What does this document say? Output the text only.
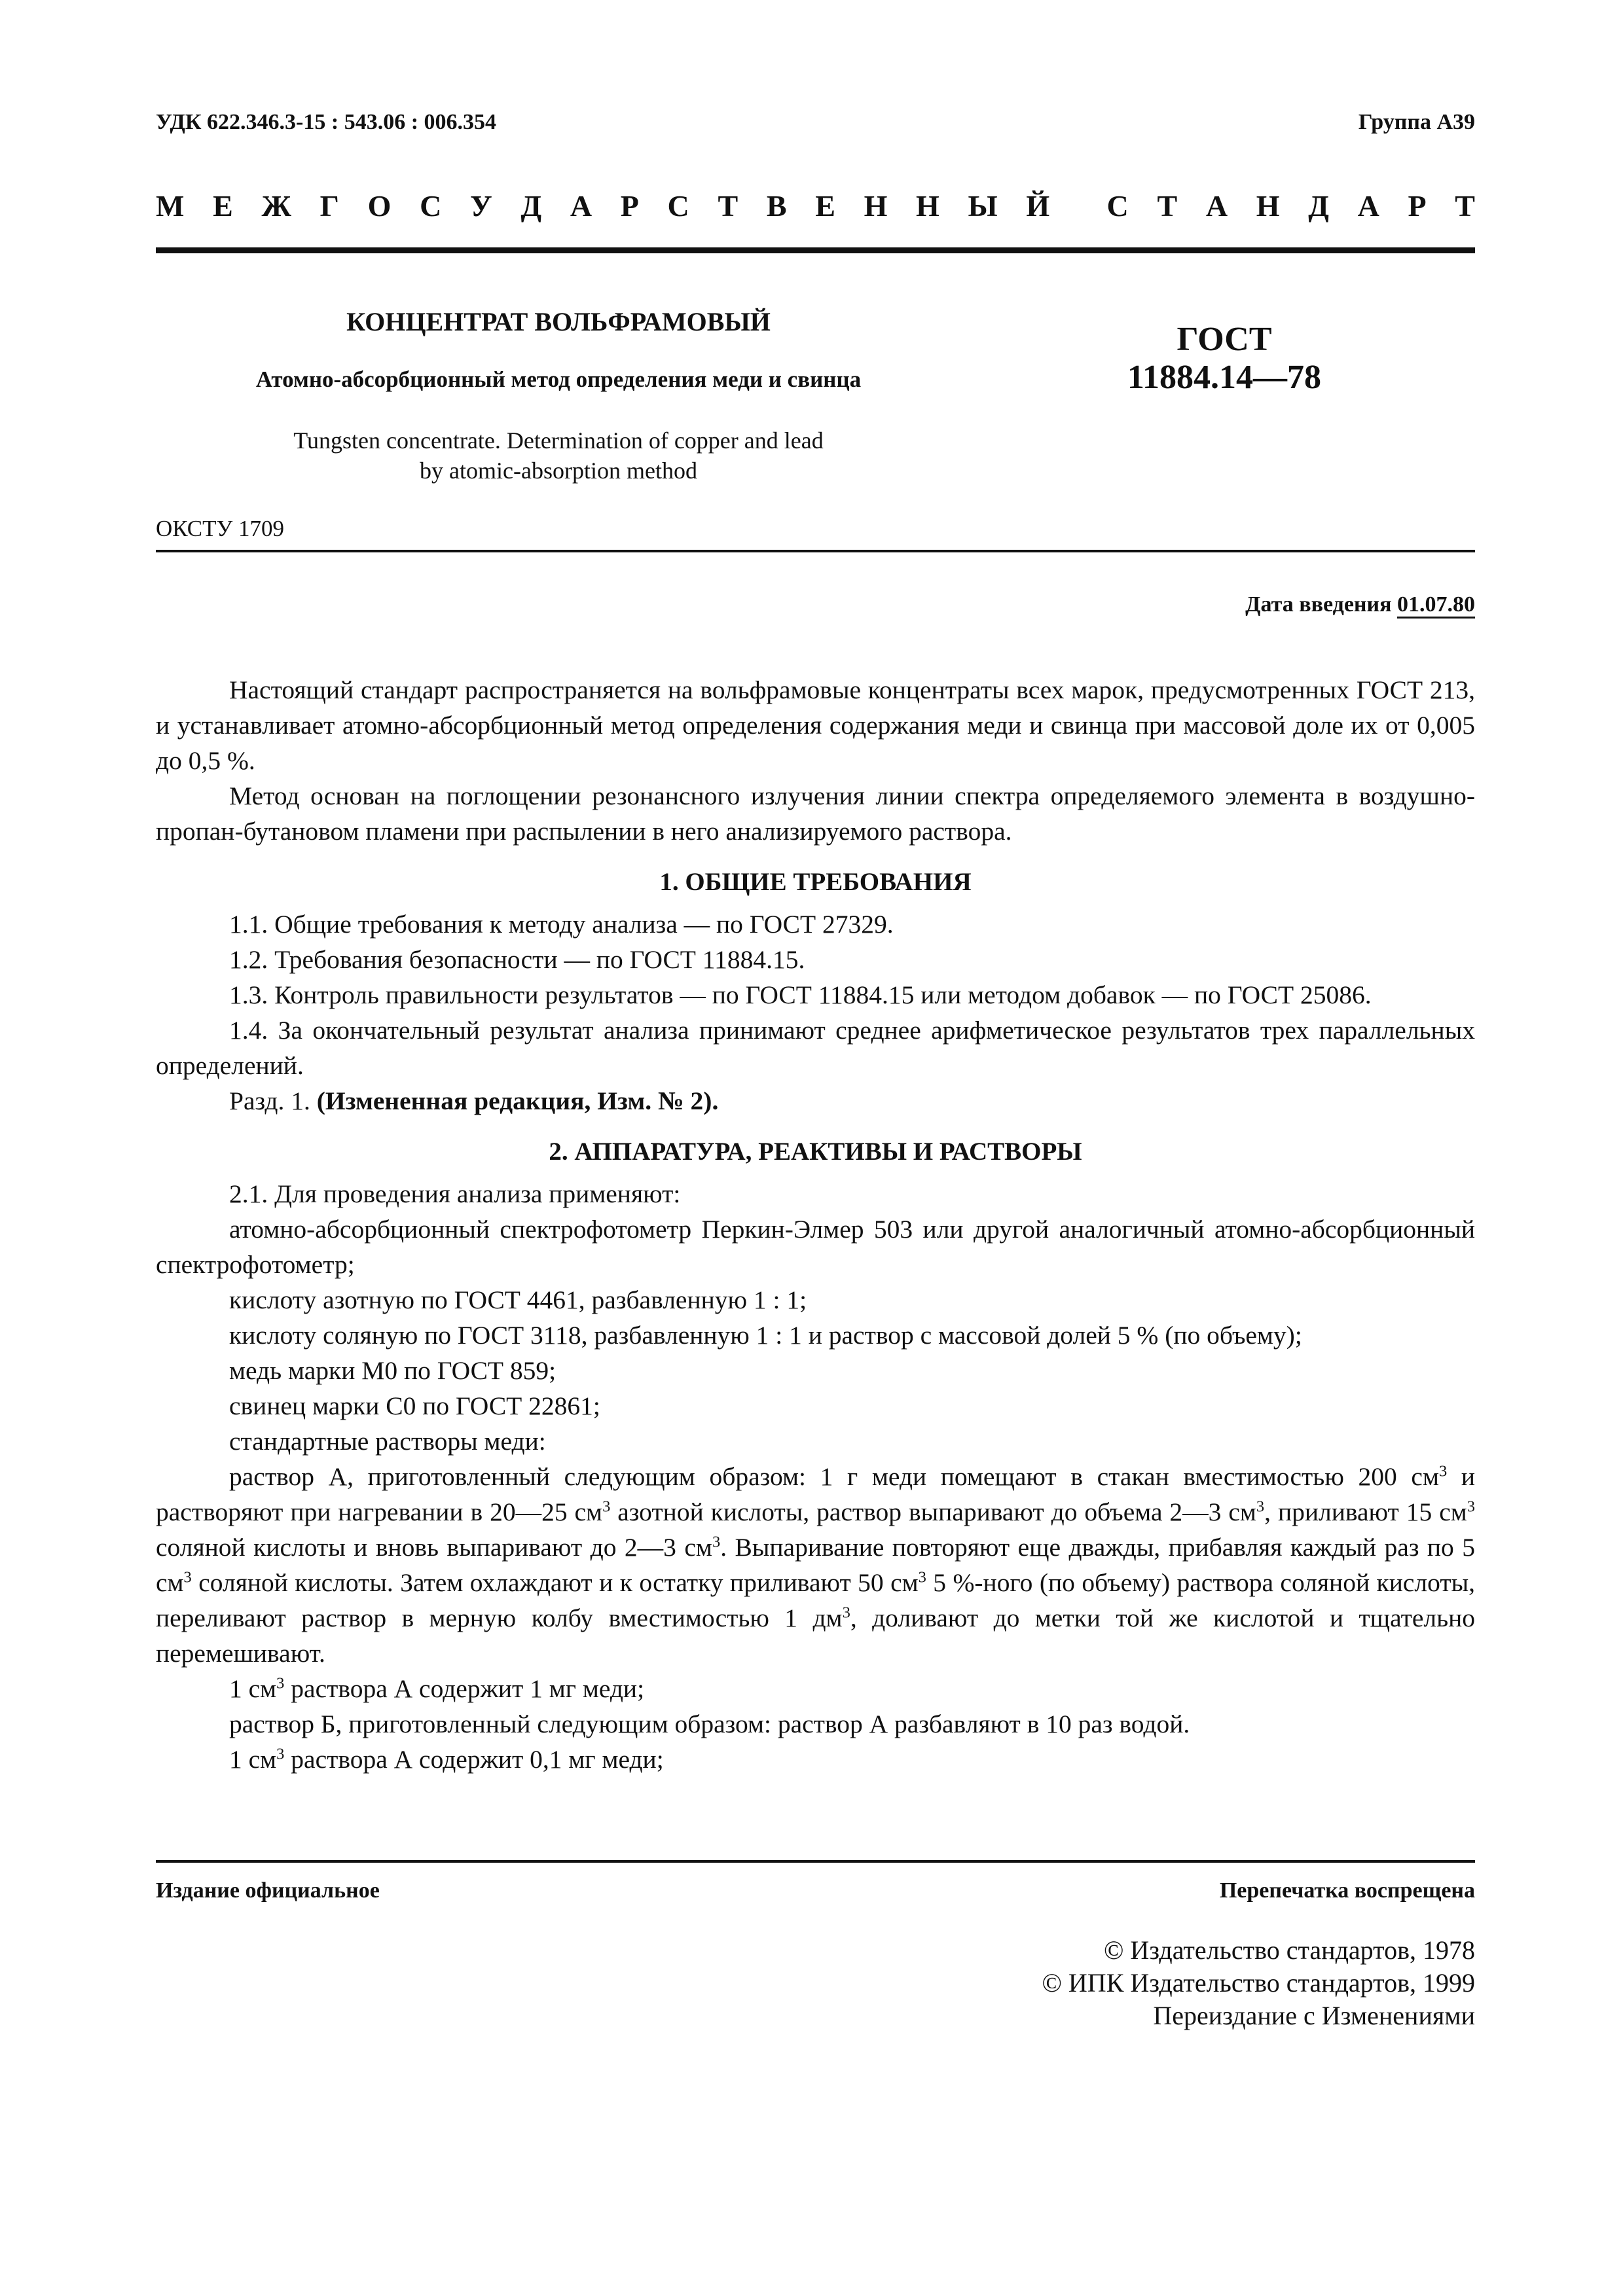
УДК 622.346.3-15 : 543.06 : 006.354	Группа А39
М Е Ж Г О С У Д А Р С Т В Е Н Н Ы Й С Т А Н Д А Р Т
КОНЦЕНТРАТ ВОЛЬФРАМОВЫЙ
Атомно-абсорбционный метод определения меди и свинца
Tungsten concentrate. Determination of copper and lead
by atomic-absorption method
ГОСТ
11884.14—78
ОКСТУ 1709
Дата введения 01.07.80

Настоящий стандарт распространяется на вольфрамовые концентраты всех марок, предусмотренных ГОСТ 213, и устанавливает атомно-абсорбционный метод определения содержания меди и свинца при массовой доле их от 0,005 до 0,5 %.

Метод основан на поглощении резонансного излучения линии спектра определяемого элемента в воздушно-пропан-бутановом пламени при распылении в него анализируемого раствора.

1. ОБЩИЕ ТРЕБОВАНИЯ

1.1. Общие требования к методу анализа — по ГОСТ 27329.

1.2. Требования безопасности — по ГОСТ 11884.15.

1.3. Контроль правильности результатов — по ГОСТ 11884.15 или методом добавок — по ГОСТ 25086.

1.4. За окончательный результат анализа принимают среднее арифметическое результатов трех параллельных определений.

Разд. 1. (Измененная редакция, Изм. № 2).

2. АППАРАТУРА, РЕАКТИВЫ И РАСТВОРЫ

2.1. Для проведения анализа применяют:

атомно-абсорбционный спектрофотометр Перкин-Элмер 503 или другой аналогичный атомно-абсорбционный спектрофотометр;

кислоту азотную по ГОСТ 4461, разбавленную 1 : 1;

кислоту соляную по ГОСТ 3118, разбавленную 1 : 1 и раствор с массовой долей 5 % (по объему);

медь марки М0 по ГОСТ 859;

свинец марки С0 по ГОСТ 22861;

стандартные растворы меди:

раствор А, приготовленный следующим образом: 1 г меди помещают в стакан вместимостью 200 $см^3$ и растворяют при нагревании в 20—25 $см^3$ азотной кислоты, раствор выпаривают до объема 2—3 $см^3$, приливают 15 $см^3$ соляной кислоты и вновь выпаривают до 2—3 $см^3$. Выпаривание повторяют еще дважды, прибавляя каждый раз по 5 $см^3$ соляной кислоты. Затем охлаждают и к остатку приливают 50 $см^3$ 5 %-ного (по объему) раствора соляной кислоты, переливают раствор в мерную колбу вместимостью 1 $дм^3$, доливают до метки той же кислотой и тщательно перемешивают.

1 $см^3$ раствора А содержит 1 мг меди;

раствор Б, приготовленный следующим образом: раствор А разбавляют в 10 раз водой.

1 $см^3$ раствора А содержит 0,1 мг меди;

Издание официальное	Перепечатка воспрещена
© Издательство стандартов, 1978
© ИПК Издательство стандартов, 1999
Переиздание с Изменениями
